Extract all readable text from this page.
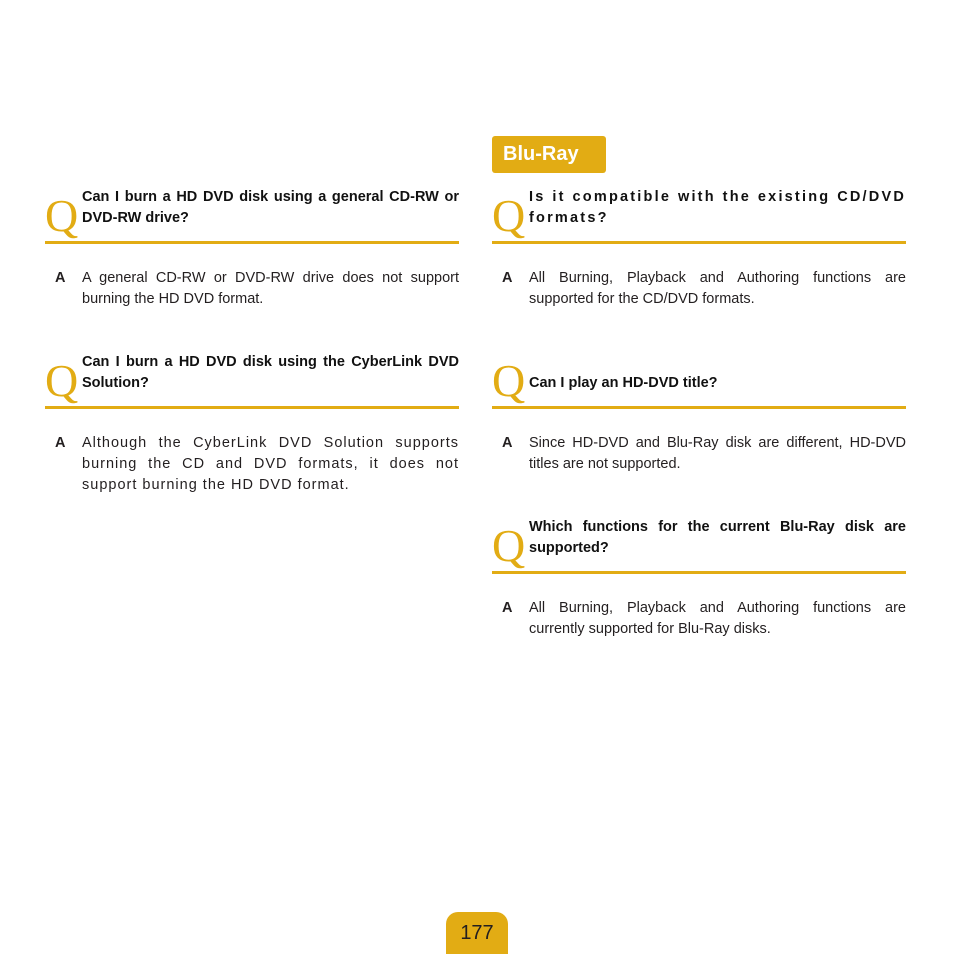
Blu-Ray
Q Can I burn a HD DVD disk using a general CD-RW or DVD-RW drive?
A A general CD-RW or DVD-RW drive does not support burning the HD DVD format.
Q Can I burn a HD DVD disk using the CyberLink DVD Solution?
A Although the CyberLink DVD Solution supports burning the CD and DVD formats, it does not support burning the HD DVD format.
Q Is it compatible with the existing CD/DVD formats?
A All Burning, Playback and Authoring functions are supported for the CD/DVD formats.
Q Can I play an HD-DVD title?
A Since HD-DVD and Blu-Ray disk are different, HD-DVD titles are not supported.
Q Which functions for the current Blu-Ray disk are supported?
A All Burning, Playback and Authoring functions are currently supported for Blu-Ray disks.
177
